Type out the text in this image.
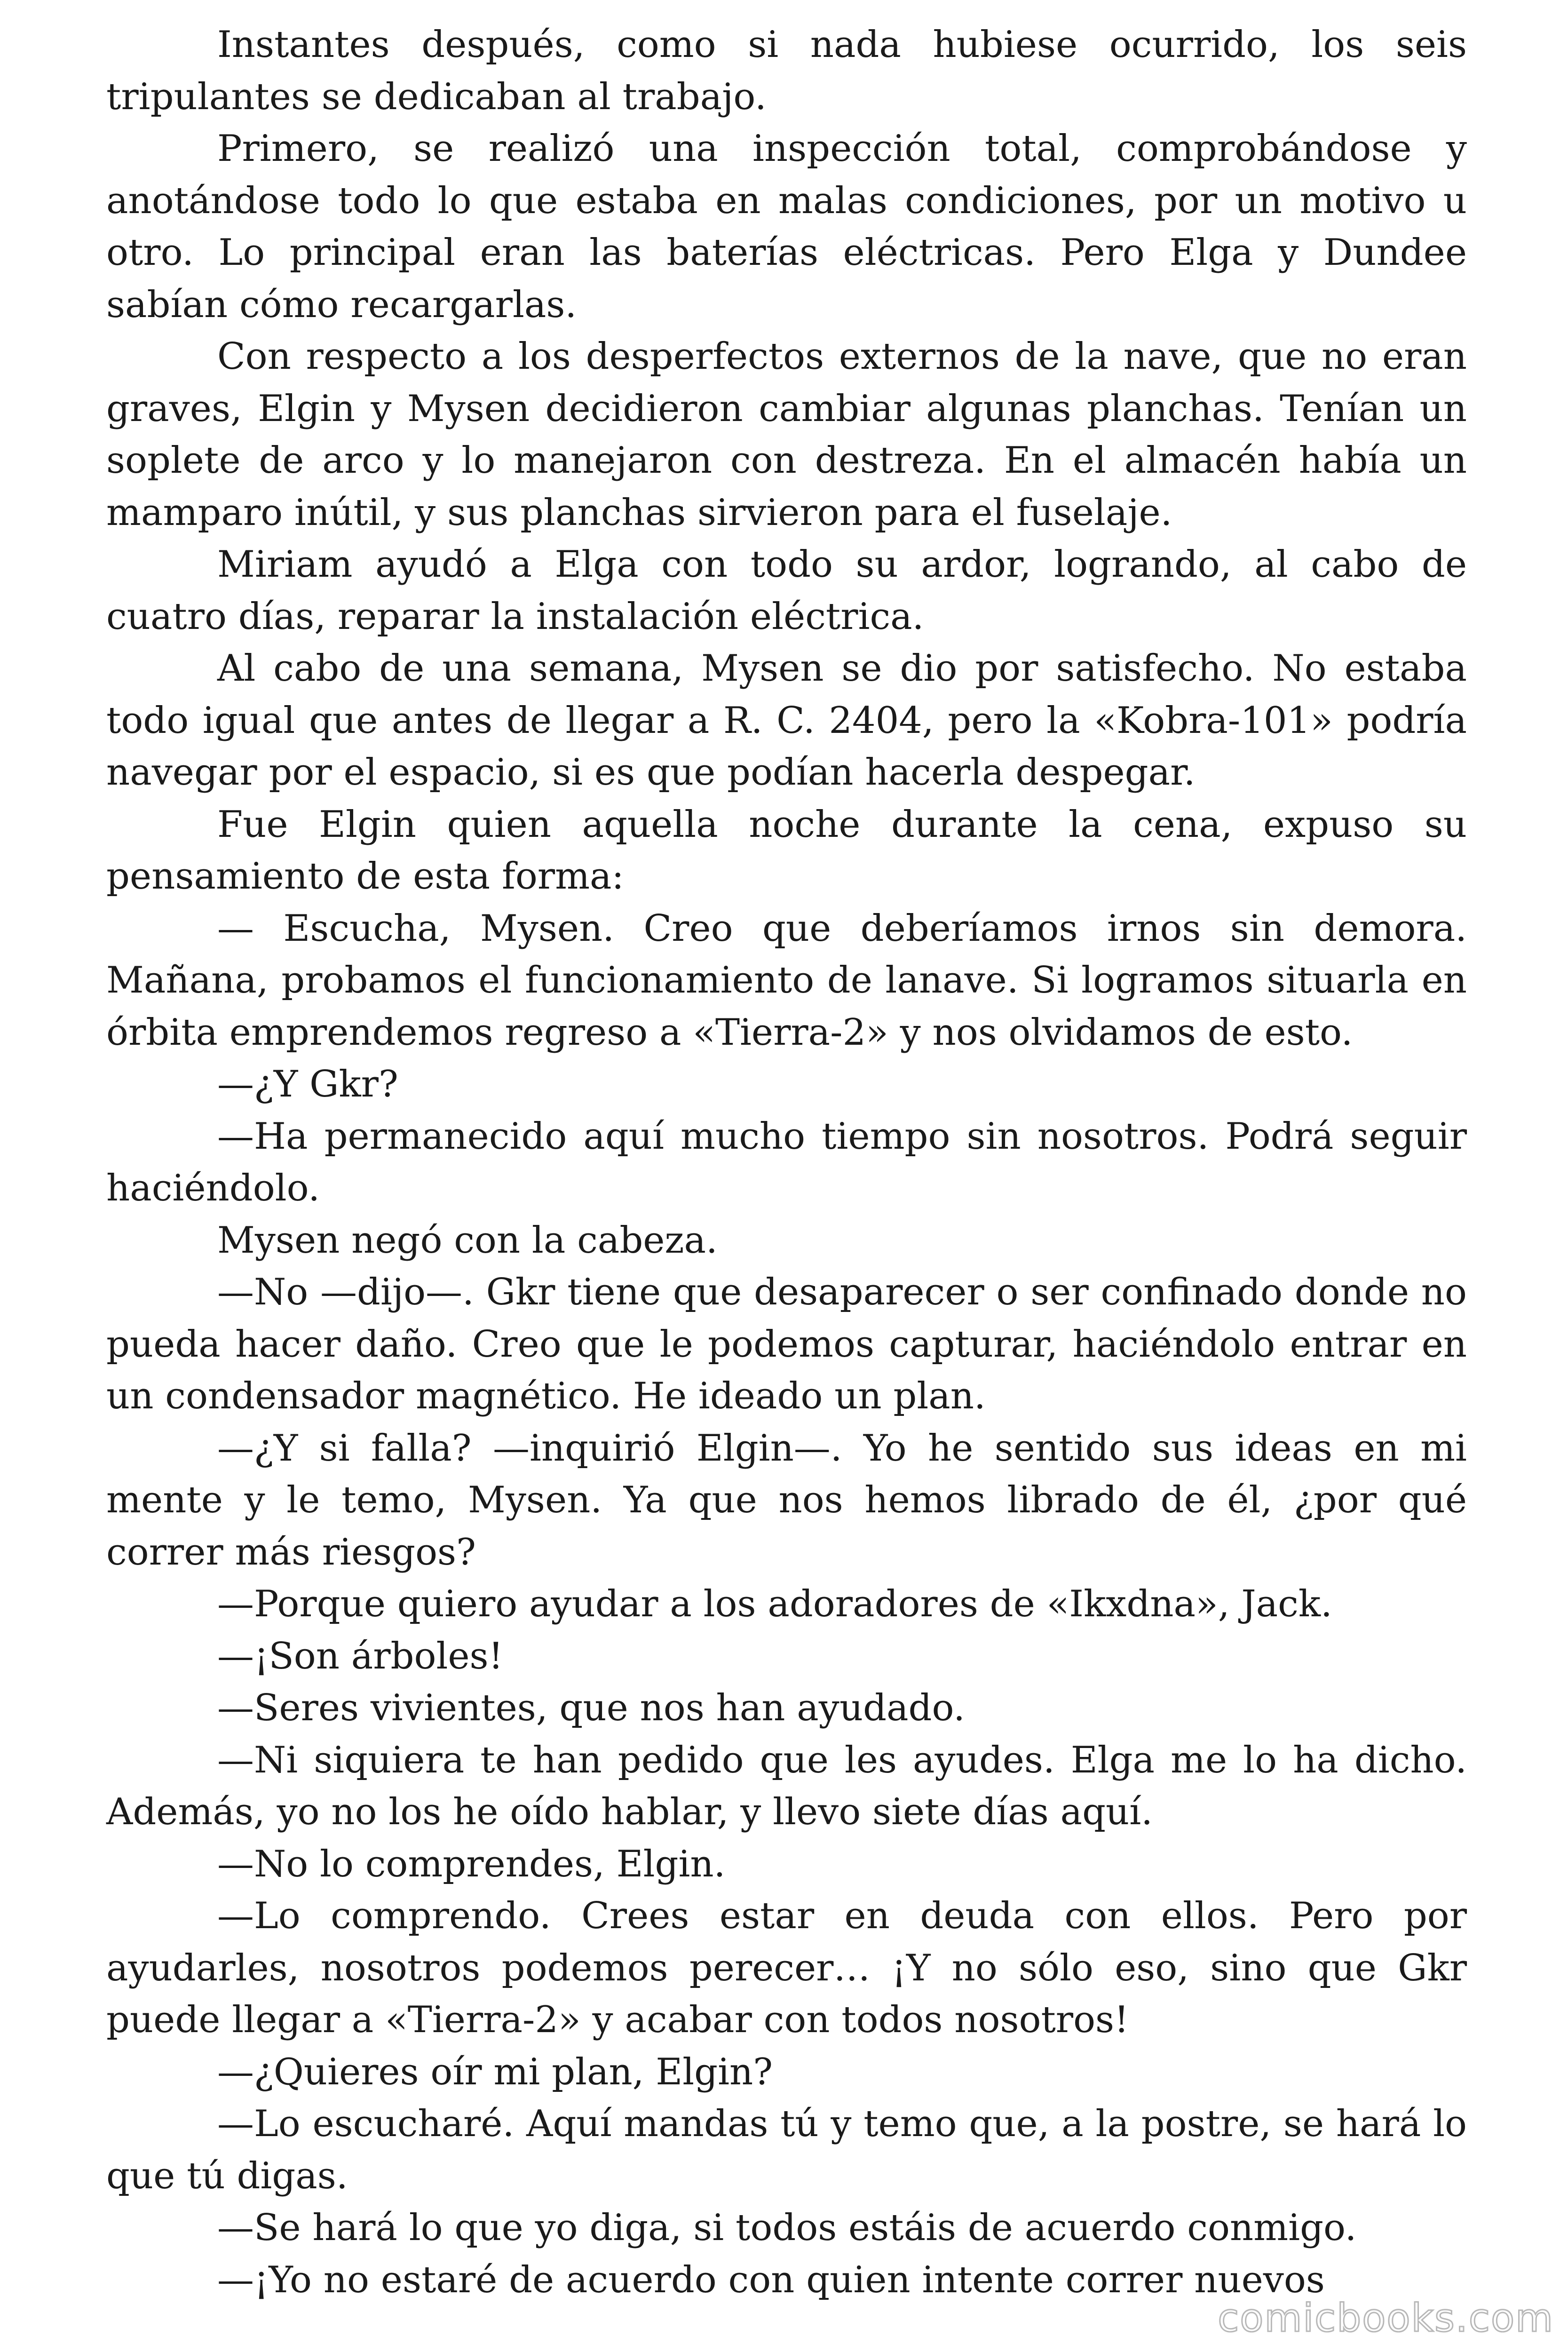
Instantes después, como si nada hubiese ocurrido, los seis tripulantes se dedicaban al trabajo.

Primero, se realizó una inspección total, comprobándose y anotándose todo lo que estaba en malas condiciones, por un motivo u otro. Lo principal eran las baterías eléctricas. Pero Elga y Dundee sabían cómo recargarlas.

Con respecto a los desperfectos externos de la nave, que no eran graves, Elgin y Mysen decidieron cambiar algunas planchas. Tenían un soplete de arco y lo manejaron con destreza. En el almacén había un mamparo inútil, y sus planchas sirvieron para el fuselaje.

Miriam ayudó a Elga con todo su ardor, logrando, al cabo de cuatro días, reparar la instalación eléctrica.

Al cabo de una semana, Mysen se dio por satisfecho. No estaba todo igual que antes de llegar a R. C. 2404, pero la «Kobra-101» podría navegar por el espacio, si es que podían hacerla despegar.

Fue Elgin quien aquella noche durante la cena, expuso su pensamiento de esta forma:

— Escucha, Mysen. Creo que deberíamos irnos sin demora. Mañana, probamos el funcionamiento de lanave. Si logramos situarla en órbita emprendemos regreso a «Tierra-2» y nos olvidamos de esto.

—¿Y Gkr?

—Ha permanecido aquí mucho tiempo sin nosotros. Podrá seguir haciéndolo.

Mysen negó con la cabeza.

—No —dijo—. Gkr tiene que desaparecer o ser confinado donde no pueda hacer daño. Creo que le podemos capturar, haciéndolo entrar en un condensador magnético. He ideado un plan.

—¿Y si falla? —inquirió Elgin—. Yo he sentido sus ideas en mi mente y le temo, Mysen. Ya que nos hemos librado de él, ¿por qué correr más riesgos?

—Porque quiero ayudar a los adoradores de «Ikxdna», Jack.

—¡Son árboles!

—Seres vivientes, que nos han ayudado.

—Ni siquiera te han pedido que les ayudes. Elga me lo ha dicho. Además, yo no los he oído hablar, y llevo siete días aquí.

—No lo comprendes, Elgin.

—Lo comprendo. Crees estar en deuda con ellos. Pero por ayudarles, nosotros podemos perecer… ¡Y no sólo eso, sino que Gkr puede llegar a «Tierra-2» y acabar con todos nosotros!

—¿Quieres oír mi plan, Elgin?

—Lo escucharé. Aquí mandas tú y temo que, a la postre, se hará lo que tú digas.

—Se hará lo que yo diga, si todos estáis de acuerdo conmigo.

—¡Yo no estaré de acuerdo con quien intente correr nuevos

comicbooks.com
